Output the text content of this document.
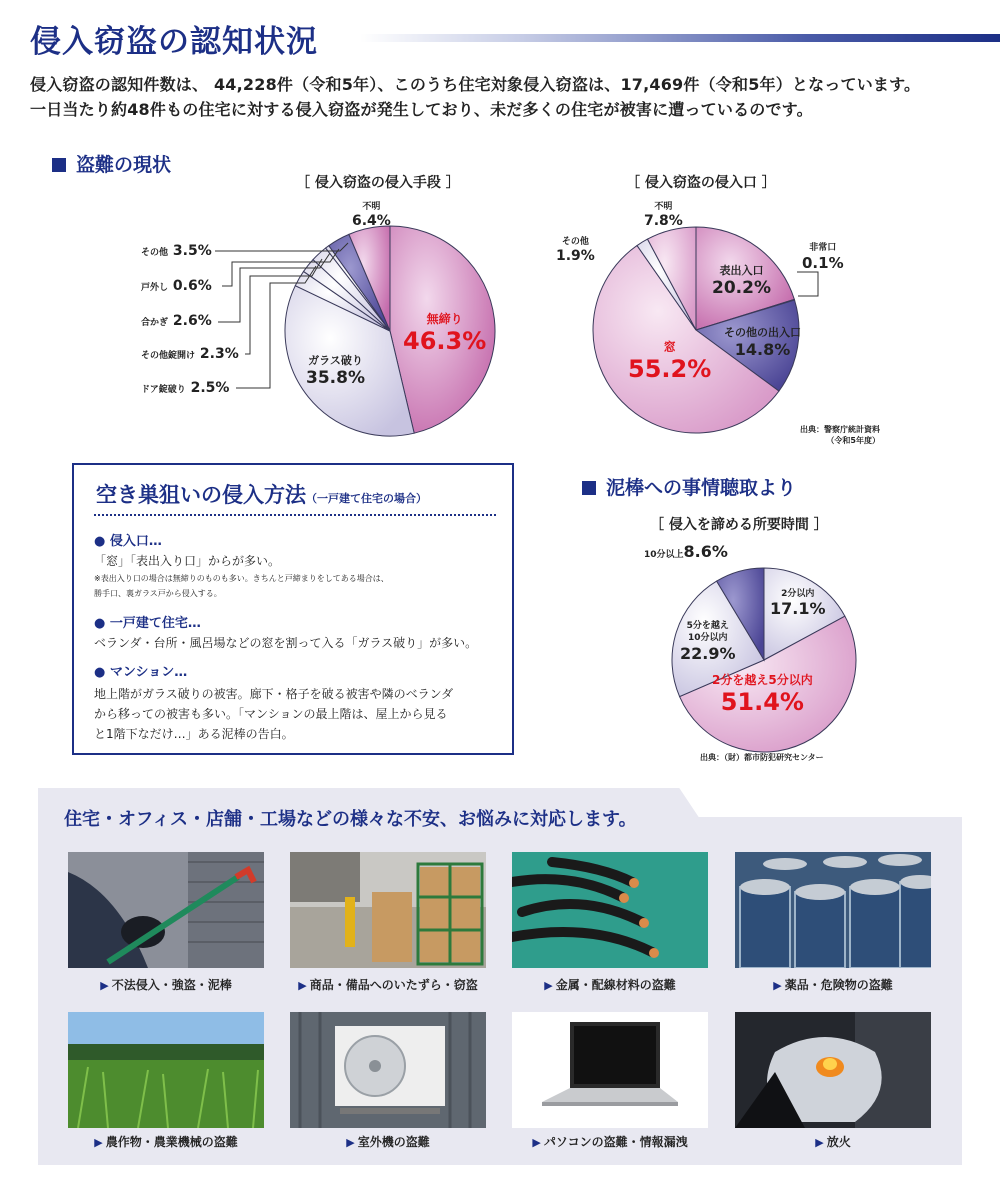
侵入窃盗の認知状況
侵入窃盗の認知件数は、 44,228件（令和5年）、このうち住宅対象侵入窃盗は、17,469件（令和5年）となっています。
一日当たり約48件もの住宅に対する侵入窃盗が発生しており、未だ多くの住宅が被害に遭っているのです。
盗難の現状
［ 侵入窃盗の侵入手段 ］
不明
6.4%
その他 3.5%
戸外し 0.6%
合かぎ 2.6%
その他錠開け 2.3%
ドア錠破り 2.5%
ガラス破り
35.8%
無締り
46.3%
［ 侵入窃盗の侵入口 ］
不明
7.8%
その他
1.9%	非常口
0.1%
表出入口
20.2%
その他の出入口
14.8%
窓
55.2%
出典：警察庁統計資料
（令和5年度）
空き巣狙いの侵入方法（一戸建て住宅の場合）
● 侵入口…
「窓」「表出入り口」からが多い。
※表出入り口の場合は無締りのものも多い。きちんと戸締まりをしてある場合は、
勝手口、裏ガラス戸から侵入する。
● 一戸建て住宅…
ベランダ・台所・風呂場などの窓を割って入る「ガラス破り」が多い。
● マンション…
地上階がガラス破りの被害。廊下・格子を破る被害や隣のベランダ
から移っての被害も多い。「マンションの最上階は、屋上から見る
と1階下なだけ…」ある泥棒の告白。
泥棒への事情聴取より
［ 侵入を諦める所要時間 ］
10分以上8.6%
2分以内
17.1%
5分を越え
10分以内
22.9%
2分を越え5分以内
51.4%
出典：（財）都市防犯研究センター
住宅・オフィス・店舗・工場などの様々な不安、お悩みに対応します。
▶ 不法侵入・強盗・泥棒	▶ 商品・備品へのいたずら・窃盗	▶ 金属・配線材料の盗難	▶ 薬品・危険物の盗難
▶ 農作物・農業機械の盗難	▶ 室外機の盗難	▶ パソコンの盗難・情報漏洩	▶ 放火
